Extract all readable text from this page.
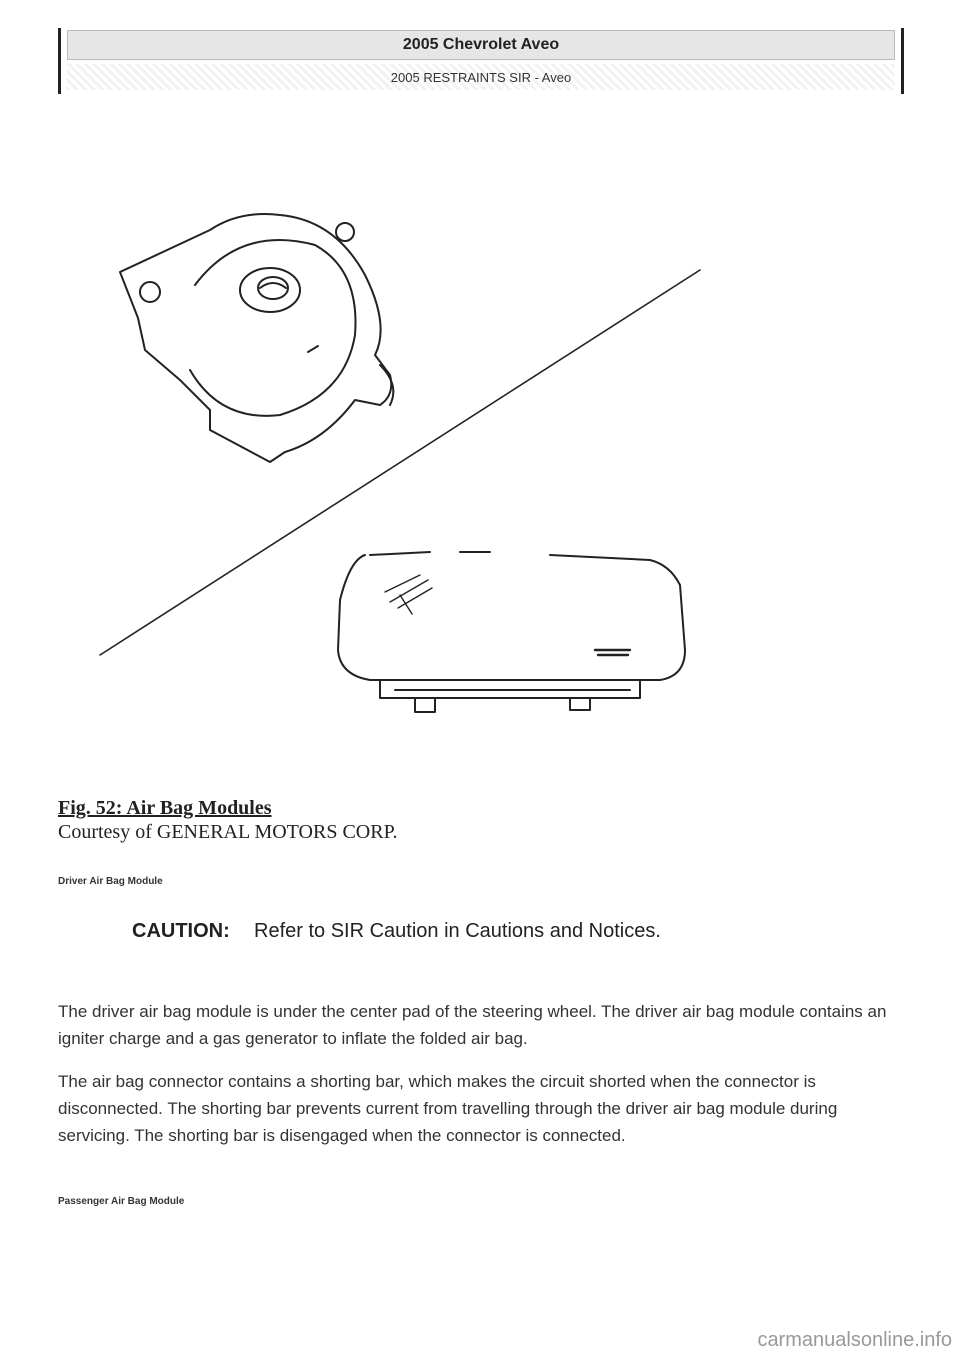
2005 Chevrolet Aveo
2005 RESTRAINTS SIR - Aveo
Fig. 52: Air Bag Modules
Courtesy of GENERAL MOTORS CORP.
Driver Air Bag Module
CAUTION: Refer to SIR Caution in Cautions and Notices.

The driver air bag module is under the center pad of the steering wheel. The driver air bag module contains an igniter charge and a gas generator to inflate the folded air bag.

The air bag connector contains a shorting bar, which makes the circuit shorted when the connector is disconnected. The shorting bar prevents current from travelling through the driver air bag module during servicing. The shorting bar is disengaged when the connector is connected.

Passenger Air Bag Module
carmanualsonline.info
